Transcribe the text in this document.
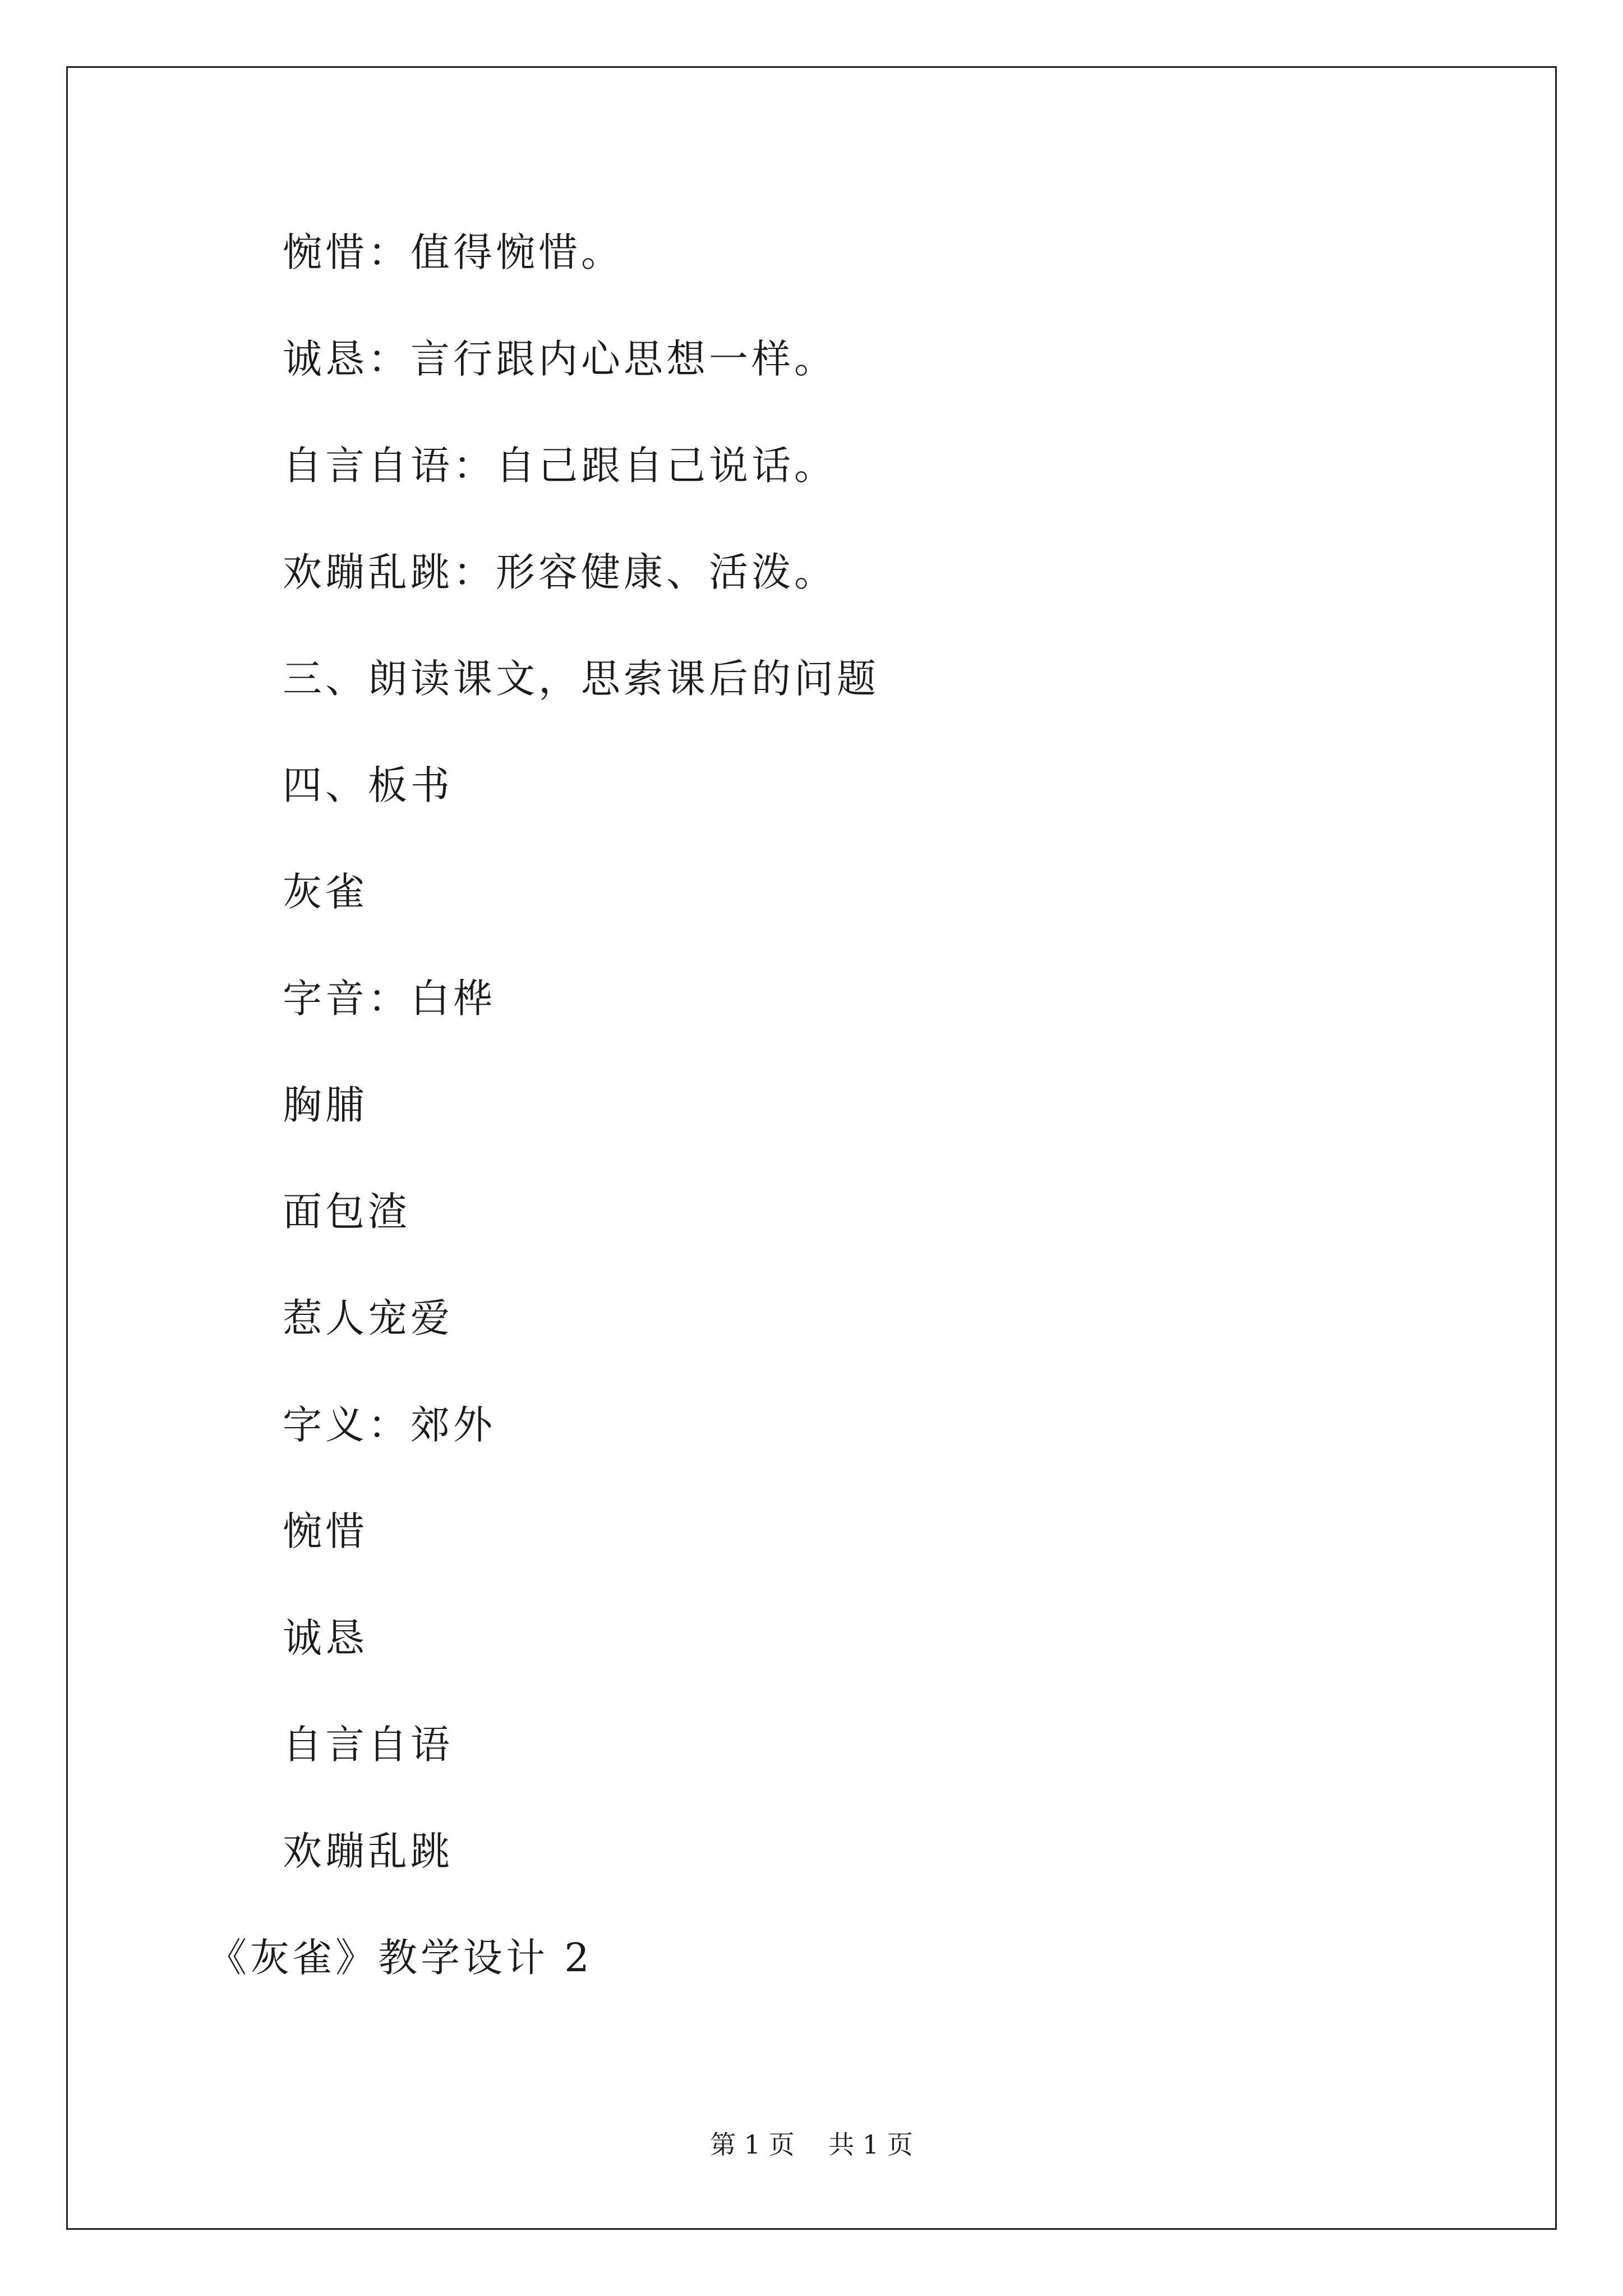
惋惜：值得惋惜。
诚恳：言行跟内心思想一样。
自言自语：自己跟自己说话。
欢蹦乱跳：形容健康、活泼。
三、朗读课文，思索课后的问题
四、板书
灰雀
字音：白桦
胸脯
面包渣
惹人宠爱
字义：郊外
惋惜
诚恳
自言自语
欢蹦乱跳
《灰雀》教学设计 2
第 1 页　 共 1 页
